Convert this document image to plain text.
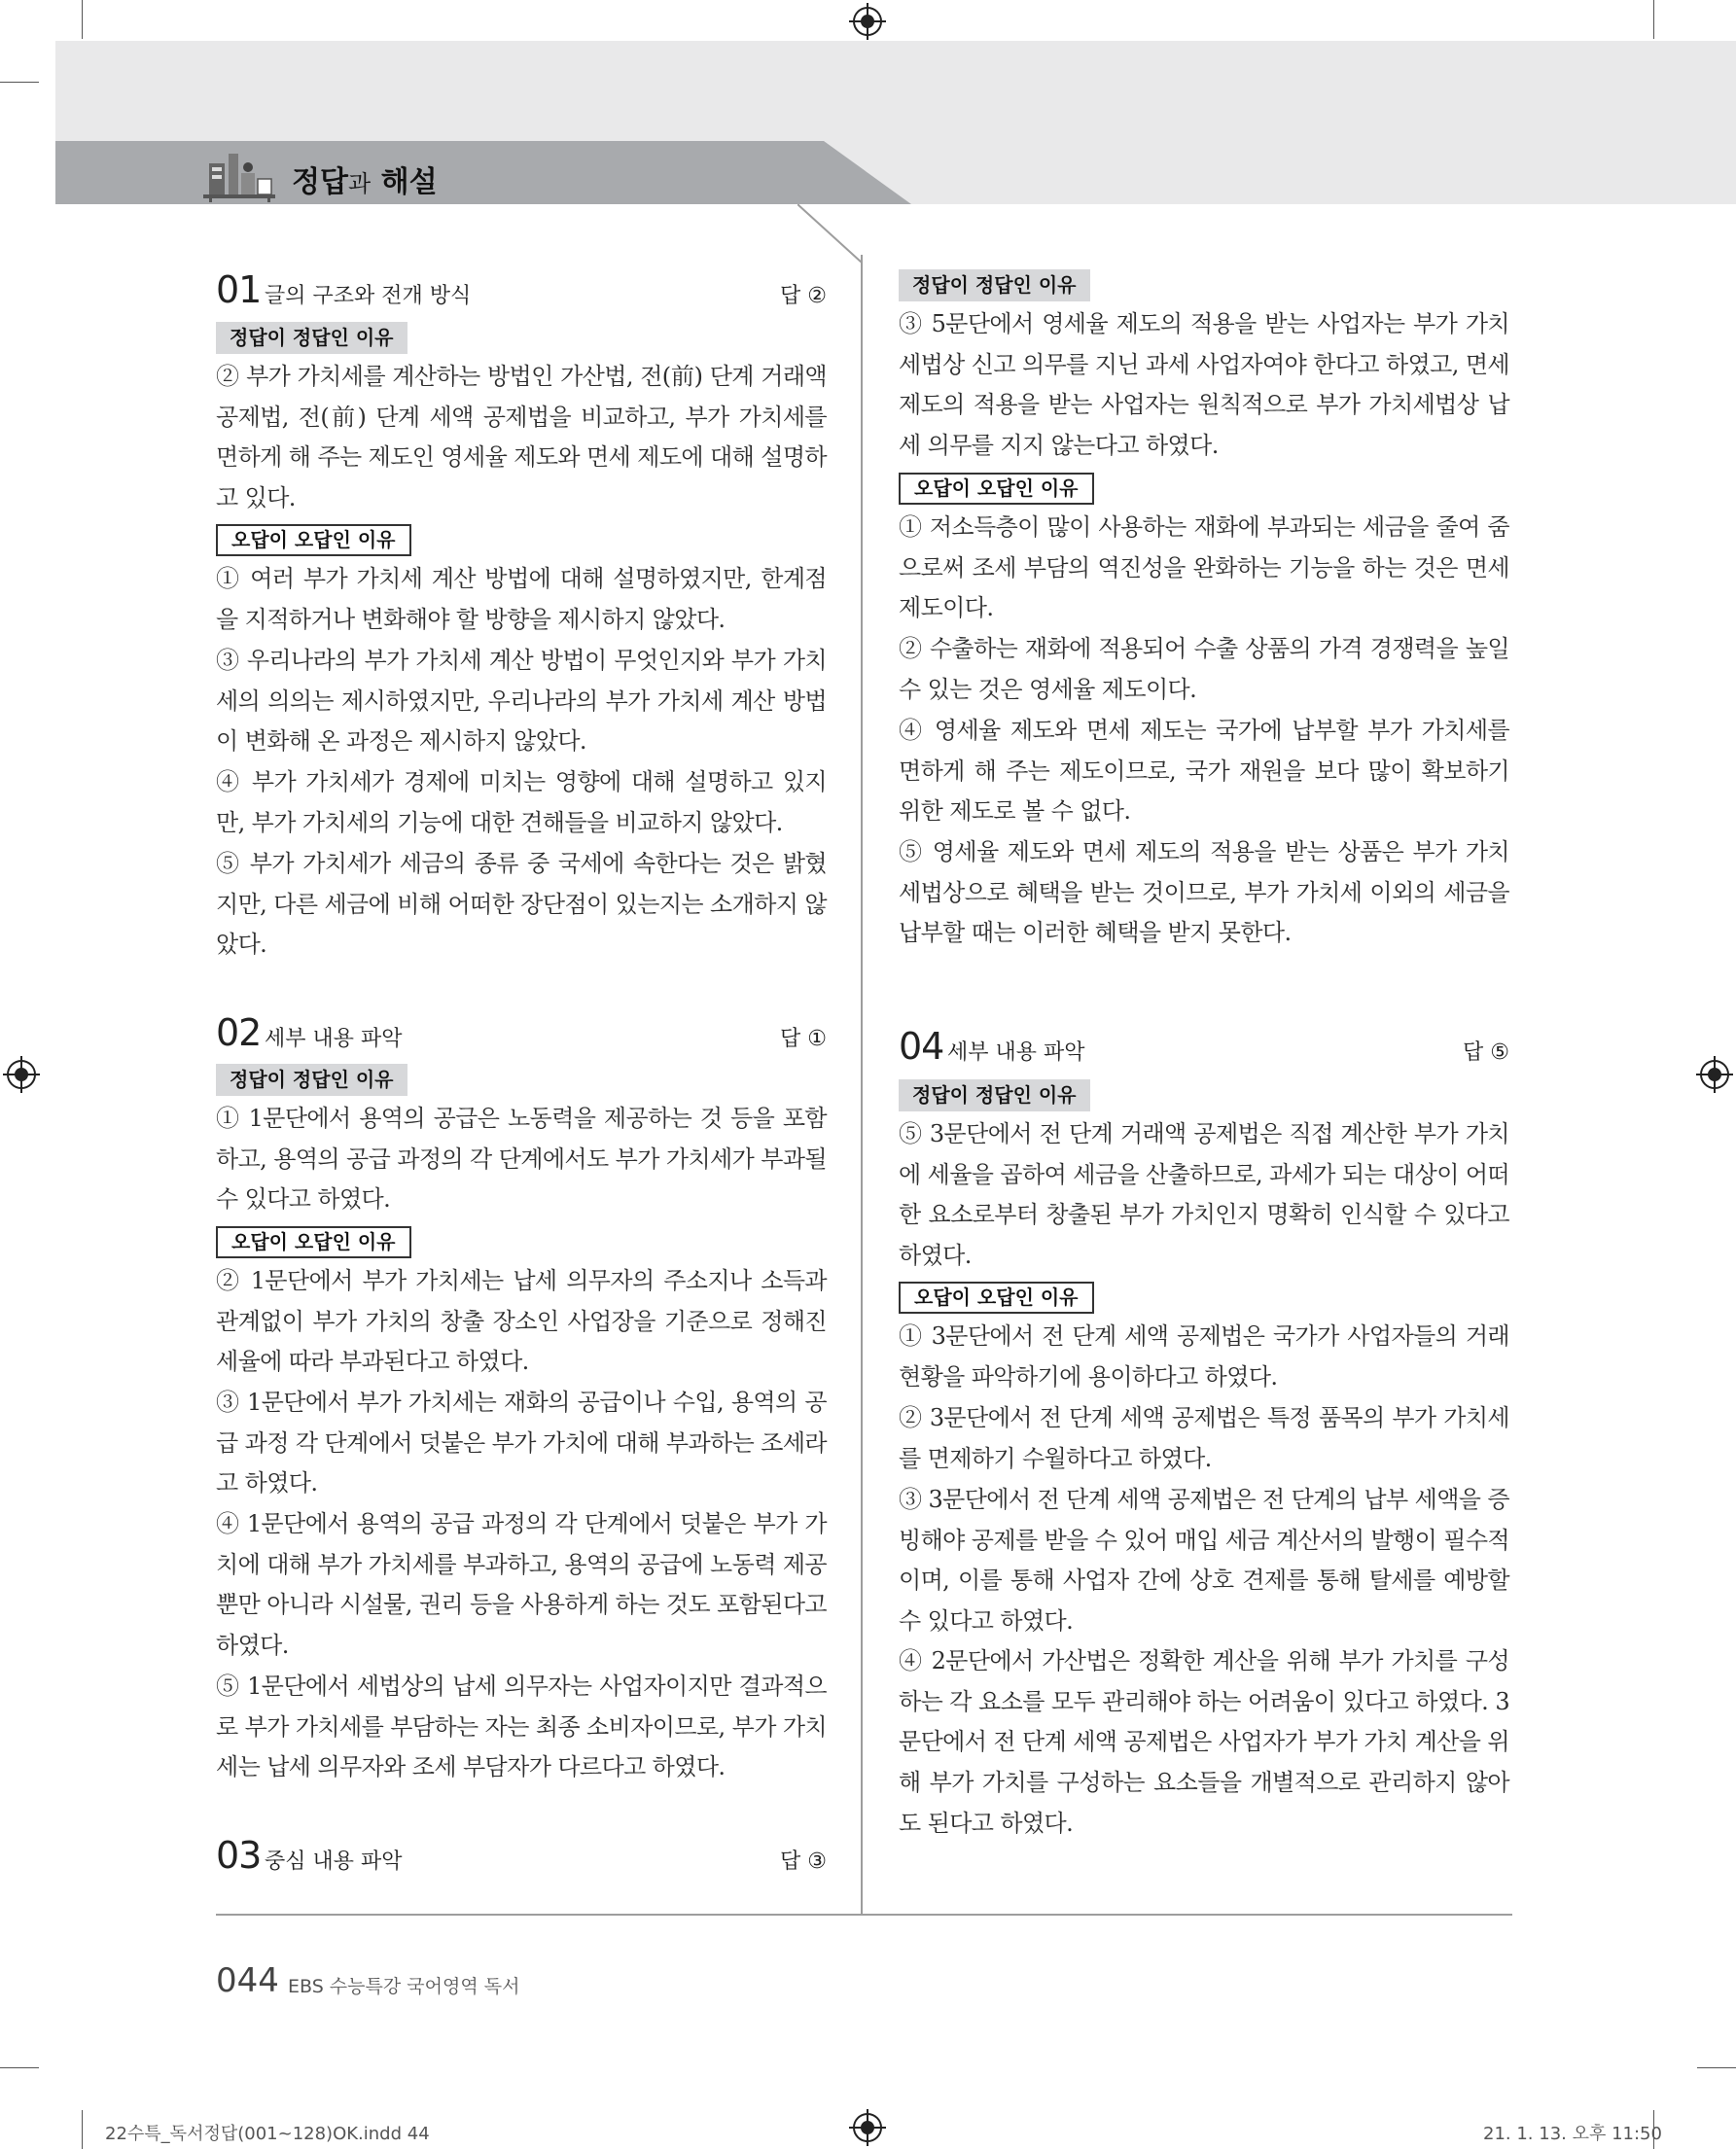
정답과 해설
01 글의 구조와 전개 방식	답 ②
정답이 정답인 이유

② 부가 가치세를 계산하는 방법인 가산법, 전(前) 단계 거래액 공제법, 전(前) 단계 세액 공제법을 비교하고, 부가 가치세를 면하게 해 주는 제도인 영세율 제도와 면세 제도에 대해 설명하고 있다.

오답이 오답인 이유

① 여러 부가 가치세 계산 방법에 대해 설명하였지만, 한계점을 지적하거나 변화해야 할 방향을 제시하지 않았다.

③ 우리나라의 부가 가치세 계산 방법이 무엇인지와 부가 가치세의 의의는 제시하였지만, 우리나라의 부가 가치세 계산 방법이 변화해 온 과정은 제시하지 않았다.

④ 부가 가치세가 경제에 미치는 영향에 대해 설명하고 있지만, 부가 가치세의 기능에 대한 견해들을 비교하지 않았다.

⑤ 부가 가치세가 세금의 종류 중 국세에 속한다는 것은 밝혔지만, 다른 세금에 비해 어떠한 장단점이 있는지는 소개하지 않았다.

02 세부 내용 파악	답 ①
정답이 정답인 이유

① 1문단에서 용역의 공급은 노동력을 제공하는 것 등을 포함하고, 용역의 공급 과정의 각 단계에서도 부가 가치세가 부과될 수 있다고 하였다.

오답이 오답인 이유

② 1문단에서 부가 가치세는 납세 의무자의 주소지나 소득과 관계없이 부가 가치의 창출 장소인 사업장을 기준으로 정해진 세율에 따라 부과된다고 하였다.

③ 1문단에서 부가 가치세는 재화의 공급이나 수입, 용역의 공급 과정 각 단계에서 덧붙은 부가 가치에 대해 부과하는 조세라고 하였다.

④ 1문단에서 용역의 공급 과정의 각 단계에서 덧붙은 부가 가치에 대해 부가 가치세를 부과하고, 용역의 공급에 노동력 제공뿐만 아니라 시설물, 권리 등을 사용하게 하는 것도 포함된다고 하였다.

⑤ 1문단에서 세법상의 납세 의무자는 사업자이지만 결과적으로 부가 가치세를 부담하는 자는 최종 소비자이므로, 부가 가치세는 납세 의무자와 조세 부담자가 다르다고 하였다.

03 중심 내용 파악	답 ③
정답이 정답인 이유

③ 5문단에서 영세율 제도의 적용을 받는 사업자는 부가 가치세법상 신고 의무를 지닌 과세 사업자여야 한다고 하였고, 면세 제도의 적용을 받는 사업자는 원칙적으로 부가 가치세법상 납세 의무를 지지 않는다고 하였다.

오답이 오답인 이유

① 저소득층이 많이 사용하는 재화에 부과되는 세금을 줄여 줌으로써 조세 부담의 역진성을 완화하는 기능을 하는 것은 면세 제도이다.

② 수출하는 재화에 적용되어 수출 상품의 가격 경쟁력을 높일 수 있는 것은 영세율 제도이다.

④ 영세율 제도와 면세 제도는 국가에 납부할 부가 가치세를 면하게 해 주는 제도이므로, 국가 재원을 보다 많이 확보하기 위한 제도로 볼 수 없다.

⑤ 영세율 제도와 면세 제도의 적용을 받는 상품은 부가 가치세법상으로 혜택을 받는 것이므로, 부가 가치세 이외의 세금을 납부할 때는 이러한 혜택을 받지 못한다.

04 세부 내용 파악	답 ⑤
정답이 정답인 이유

⑤ 3문단에서 전 단계 거래액 공제법은 직접 계산한 부가 가치에 세율을 곱하여 세금을 산출하므로, 과세가 되는 대상이 어떠한 요소로부터 창출된 부가 가치인지 명확히 인식할 수 있다고 하였다.

오답이 오답인 이유

① 3문단에서 전 단계 세액 공제법은 국가가 사업자들의 거래 현황을 파악하기에 용이하다고 하였다.

② 3문단에서 전 단계 세액 공제법은 특정 품목의 부가 가치세를 면제하기 수월하다고 하였다.

③ 3문단에서 전 단계 세액 공제법은 전 단계의 납부 세액을 증빙해야 공제를 받을 수 있어 매입 세금 계산서의 발행이 필수적이며, 이를 통해 사업자 간에 상호 견제를 통해 탈세를 예방할 수 있다고 하였다.

④ 2문단에서 가산법은 정확한 계산을 위해 부가 가치를 구성하는 각 요소를 모두 관리해야 하는 어려움이 있다고 하였다. 3문단에서 전 단계 세액 공제법은 사업자가 부가 가치 계산을 위해 부가 가치를 구성하는 요소들을 개별적으로 관리하지 않아도 된다고 하였다.

044 EBS 수능특강 국어영역 독서
22수특_독서정답(001~128)OK.indd 44	21. 1. 13. 오후 11:50
